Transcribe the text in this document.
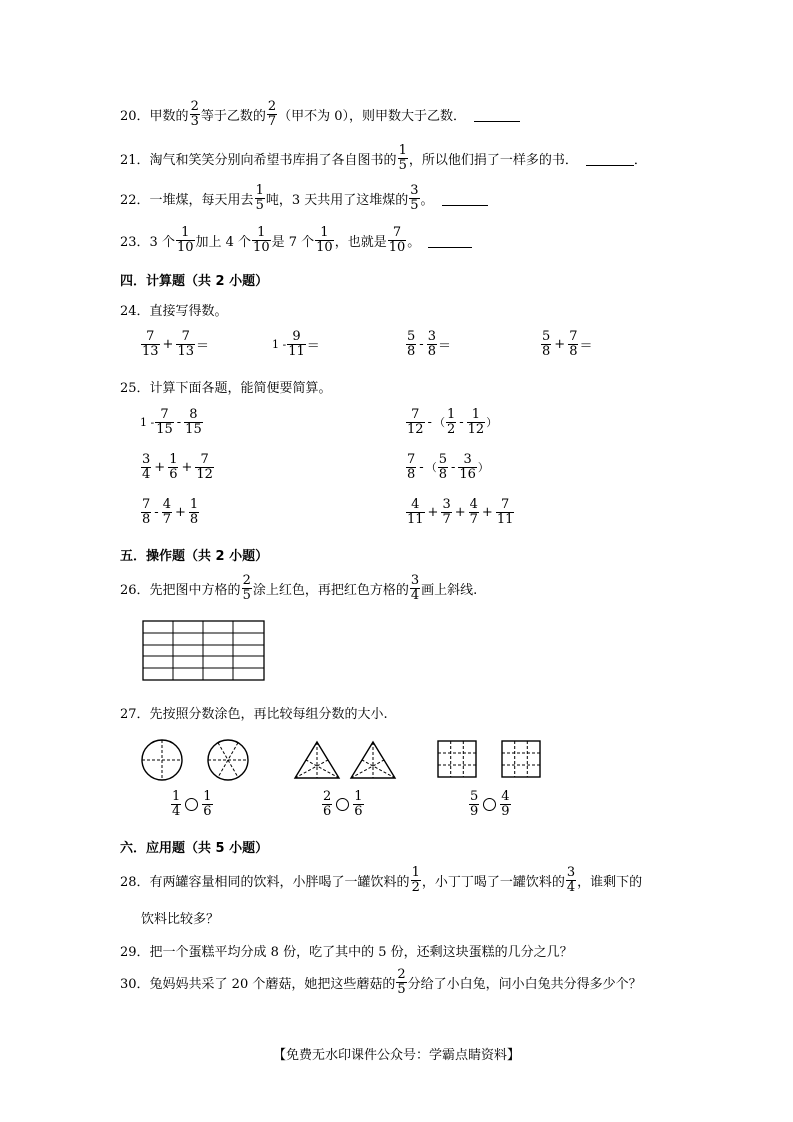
20． 甲数的 $\frac{2}{3}$ 等于乙数的 $\frac{2}{7}$ （甲不为 0），则甲数大于乙数．
21． 淘气和笑笑分别向希望书库捐了各自图书的 $\frac{1}{5}$ ，所以他们捐了一样多的书．	．
22． 一堆煤，每天用去 $\frac{1}{5}$ 吨，3 天共用了这堆煤的 $\frac{3}{5}$ 。
23． 3 个 $\frac{1}{10}$ 加上 4 个 $\frac{1}{10}$ 是 7 个 $\frac{1}{10}$ ，也就是 $\frac{7}{10}$ 。
四．计算题（共 2 小题）
24．直接写得数。
$\frac{7}{13} + \frac{7}{13}$ ＝	$1 - \frac{9}{11}$ ＝	$\frac{5}{8} - \frac{3}{8}$ ＝	$\frac{5}{8} + \frac{7}{8}$ ＝
25．计算下面各题，能简便要简算。
$1 - \frac{7}{15} - \frac{8}{15}$	$\frac{7}{12}$ - （ $\frac{1}{2} - \frac{1}{12}$ ）
$\frac{3}{4} + \frac{1}{6} + \frac{7}{12}$	$\frac{7}{8}$ - （ $\frac{5}{8} - \frac{3}{16}$ ）
$\frac{7}{8} - \frac{4}{7} + \frac{1}{8}$	$\frac{4}{11} + \frac{3}{7} + \frac{4}{7} + \frac{7}{11}$
五．操作题（共 2 小题）
26． 先把图中方格的 $\frac{2}{5}$ 涂上红色，再把红色方格的 $\frac{3}{4}$ 画上斜线.
27．先按照分数涂色，再比较每组分数的大小.
$\frac{1}{4} \frac{1}{6}$	$\frac{2}{6} \frac{1}{6}$	$\frac{5}{9} \frac{4}{9}$
六．应用题（共 5 小题）
28． 有两罐容量相同的饮料，小胖喝了一罐饮料的 $\frac{1}{2}$ ，小丁丁喝了一罐饮料的 $\frac{3}{4}$ ，谁剩下的
饮料比较多？
29．把一个蛋糕平均分成 8 份，吃了其中的 5 份，还剩这块蛋糕的几分之几？
30． 兔妈妈共采了 20 个蘑菇，她把这些蘑菇的 $\frac{2}{5}$ 分给了小白兔，问小白兔共分得多少个？
【免费无水印课件公众号：学霸点睛资料】
